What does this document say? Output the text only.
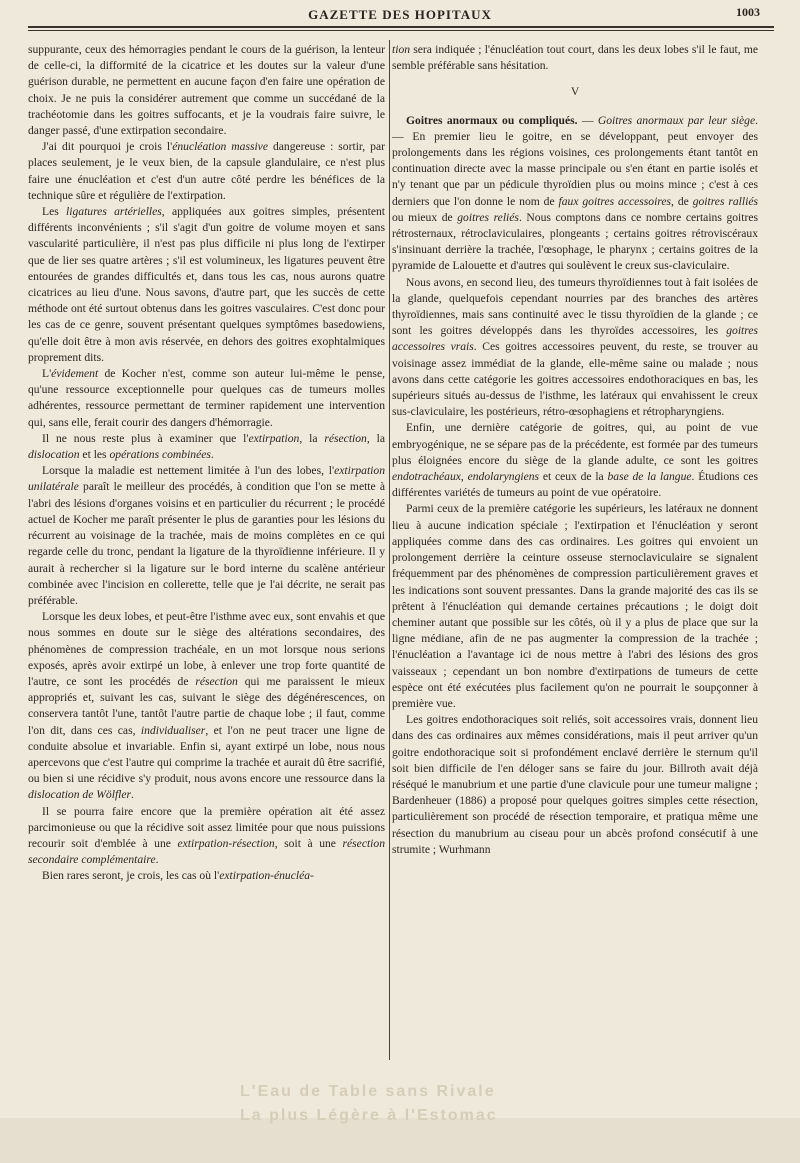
GAZETTE DES HOPITAUX	1003

suppurante, ceux des hémorragies pendant le cours de la guérison, la lenteur de celle-ci, la difformité de la cicatrice et les doutes sur la valeur d'une guérison durable, ne permettent en aucune façon d'en faire une opération de choix. Je ne puis la considérer autrement que comme un succédané de la trachéotomie dans les goitres suffocants, et je la voudrais faire suivre, le danger passé, d'une extirpation secondaire.

J'ai dit pourquoi je crois l'énucléation massive dangereuse : sortir, par places seulement, je le veux bien, de la capsule glandulaire, ce n'est plus faire une énucléation et c'est d'un autre côté perdre les bénéfices de la technique sûre et régulière de l'extirpation.

Les ligatures artérielles, appliquées aux goitres simples, présentent différents inconvénients ; s'il s'agit d'un goitre de volume moyen et sans vascularité particulière, il n'est pas plus difficile ni plus long de l'extirper que de lier ses quatre artères ; s'il est volumineux, les ligatures peuvent être entourées de grandes difficultés et, dans tous les cas, nous aurons quatre cicatrices au lieu d'une. Nous savons, d'autre part, que les succès de cette méthode ont été surtout obtenus dans les goitres vasculaires. C'est donc pour les cas de ce genre, souvent présentant quelques symptômes basedowiens, qu'elle doit être à mon avis réservée, en dehors des goitres exophtalmiques proprement dits.

L'évidement de Kocher n'est, comme son auteur lui-même le pense, qu'une ressource exceptionnelle pour quelques cas de tumeurs molles adhérentes, ressource permettant de terminer rapidement une intervention qui, sans elle, ferait courir des dangers d'hémorragie.

Il ne nous reste plus à examiner que l'extirpation, la résection, la dislocation et les opérations combinées.

Lorsque la maladie est nettement limitée à l'un des lobes, l'extirpation unilatérale paraît le meilleur des procédés, à condition que l'on se mette à l'abri des lésions d'organes voisins et en particulier du récurrent ; le procédé actuel de Kocher me paraît présenter le plus de garanties pour les lésions du récurrent au voisinage de la trachée, mais de moins complètes en ce qui regarde celle du tronc, pendant la ligature de la thyroïdienne inférieure. Il y aurait à rechercher si la ligature sur le bord interne du scalène antérieur combinée avec l'incision en collerette, telle que je l'ai décrite, ne serait pas préférable.

Lorsque les deux lobes, et peut-être l'isthme avec eux, sont envahis et que nous sommes en doute sur le siège des altérations secondaires, des phénomènes de compression trachéale, en un mot lorsque nous serions exposés, après avoir extirpé un lobe, à enlever une trop forte quantité de l'autre, ce sont les procédés de résection qui me paraissent le mieux appropriés et, suivant les cas, suivant le siège des dégénérescences, on conservera tantôt l'une, tantôt l'autre partie de chaque lobe ; il faut, comme l'on dit, dans ces cas, individualiser, et l'on ne peut tracer une ligne de conduite absolue et invariable. Enfin si, ayant extirpé un lobe, nous nous apercevons que c'est l'autre qui comprime la trachée et aurait dû être sacrifié, ou bien si une récidive s'y produit, nous avons encore une ressource dans la dislocation de Wölfler.

Il se pourra faire encore que la première opération ait été assez parcimonieuse ou que la récidive soit assez limitée pour que nous puissions recourir soit d'emblée à une extirpation-résection, soit à une résection secondaire complémentaire.

Bien rares seront, je crois, les cas où l'extirpation-énucléa-

tion sera indiquée ; l'énucléation tout court, dans les deux lobes s'il le faut, me semble préférable sans hésitation.

V

Goitres anormaux ou compliqués. — Goitres anormaux par leur siège. — En premier lieu le goitre, en se développant, peut envoyer des prolongements dans les régions voisines, ces prolongements étant tantôt en continuation directe avec la masse principale ou s'en étant en partie isolés et n'y tenant que par un pédicule thyroïdien plus ou moins mince ; c'est à ces derniers que l'on donne le nom de faux goitres accessoires, de goitres ralliés ou mieux de goitres reliés. Nous comptons dans ce nombre certains goitres rétrosternaux, rétroclaviculaires, plongeants ; certains goitres rétroviscéraux s'insinuant derrière la trachée, l'œsophage, le pharynx ; certains goitres de la pyramide de Lalouette et d'autres qui soulèvent le creux sus-claviculaire.

Nous avons, en second lieu, des tumeurs thyroïdiennes tout à fait isolées de la glande, quelquefois cependant nourries par des branches des artères thyroïdiennes, mais sans continuité avec le tissu thyroïdien de la glande ; ce sont les goitres développés dans les thyroïdes accessoires, les goitres accessoires vrais. Ces goitres accessoires peuvent, du reste, se trouver au voisinage assez immédiat de la glande, elle-même saine ou malade ; nous avons dans cette catégorie les goitres accessoires endothoraciques en bas, les supérieurs situés au-dessus de l'isthme, les latéraux qui envahissent le creux sus-claviculaire, les postérieurs, rétro-œsophagiens et rétropharyngiens.

Enfin, une dernière catégorie de goitres, qui, au point de vue embryogénique, ne se sépare pas de la précédente, est formée par des tumeurs plus éloignées encore du siège de la glande adulte, ce sont les goitres endotrachéaux, endolaryngiens et ceux de la base de la langue. Étudions ces différentes variétés de tumeurs au point de vue opératoire.

Parmi ceux de la première catégorie les supérieurs, les latéraux ne donnent lieu à aucune indication spéciale ; l'extirpation et l'énucléation y seront appliquées comme dans des cas ordinaires. Les goitres qui envoient un prolongement derrière la ceinture osseuse sternoclaviculaire se signalent fréquemment par des phénomènes de compression particulièrement graves et les indications sont souvent pressantes. Dans la grande majorité des cas ils se prêtent à l'énucléation qui demande certaines précautions ; le doigt doit cheminer autant que possible sur les côtés, où il y a plus de place que sur la ligne médiane, afin de ne pas augmenter la compression de la trachée ; l'énucléation a l'avantage ici de nous mettre à l'abri des lésions des gros vaisseaux ; cependant un bon nombre d'extirpations de tumeurs de cette espèce ont été exécutées plus facilement qu'on ne pourrait le soupçonner à première vue.

Les goitres endothoraciques soit reliés, soit accessoires vrais, donnent lieu dans des cas ordinaires aux mêmes considérations, mais il peut arriver qu'un goitre endothoracique soit si profondément enclavé derrière le sternum qu'il soit bien difficile de l'en déloger sans se faire du jour. Billroth avait déjà réséqué le manubrium et une partie d'une clavicule pour une tumeur maligne ; Bardenheuer (1886) a proposé pour quelques goitres simples cette résection, particulièrement son procédé de résection temporaire, et pratiqua même une résection du manubrium au ciseau pour un abcès profond consécutif à une strumite ; Wurhmann

L'Eau de Table sans Rivale
La plus Légère à l'Estomac
